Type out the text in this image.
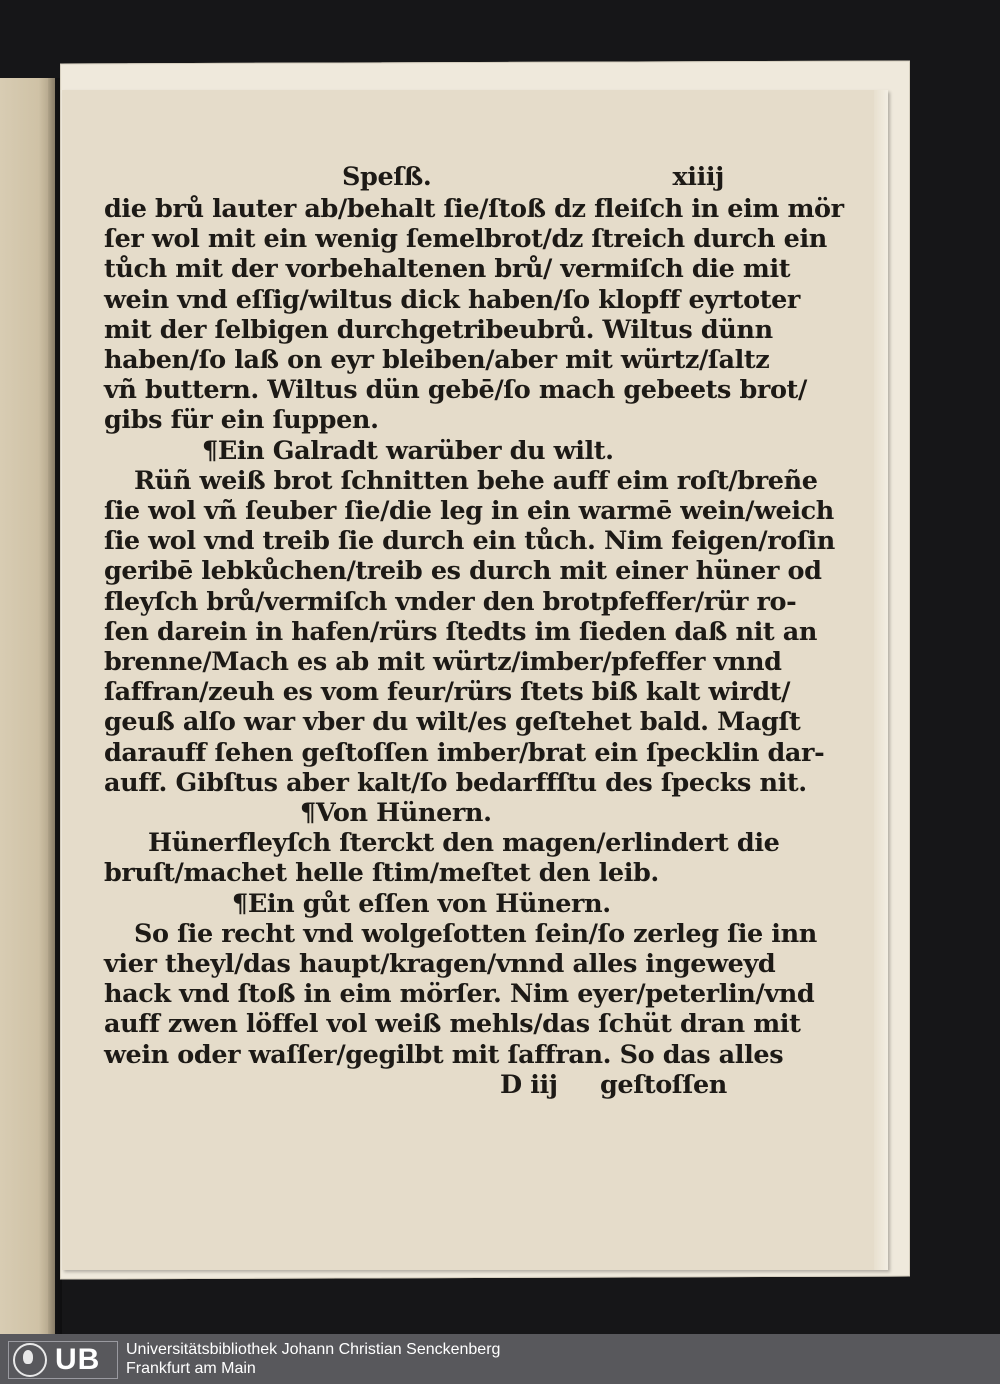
Speſß.	xiiij
die brů lauter ab/behalt ſie/ſtoß dz fleiſch in eim mör
ſer wol mit ein wenig ſemelbrot/dz ſtreich durch ein
tůch mit der vorbehaltenen brů/ vermiſch die mit
wein vnd eſſig/wiltus dick haben/ſo klopff eyrtoter
mit der ſelbigen durchgetribeubrů. Wiltus dünn
haben/ſo laß on eyr bleiben/aber mit würtz/ſaltz
vñ buttern. Wiltus dün gebē/ſo mach gebeets brot/
gibs für ein ſuppen.
¶Ein Galradt warüber du wilt.
Rüñ weiß brot ſchnitten behe auff eim roſt/breñe
ſie wol vñ ſeuber ſie/die leg in ein warmē wein/weich
ſie wol vnd treib ſie durch ein tůch. Nim feigen/roſin
geribē lebkůchen/treib es durch mit einer hüner od
fleyſch brů/vermiſch vnder den brotpfeffer/rür ro-
ſen darein in hafen/rürs ſtedts im ſieden daß nit an
brenne/Mach es ab mit würtz/imber/pfeffer vnnd
ſaffran/zeuh es vom feur/rürs ſtets biß kalt wirdt/
geuß alſo war vber du wilt/es geſtehet bald. Magſt
darauff ſehen geſtoſſen imber/brat ein ſpecklin dar-
auff. Gibſtus aber kalt/ſo bedarffſtu des ſpecks nit.
¶Von Hünern.
Hünerfleyſch ſterckt den magen/erlindert die
bruſt/machet helle ſtim/meſtet den leib.
¶Ein gůt eſſen von Hünern.
So ſie recht vnd wolgeſotten ſein/ſo zerleg ſie inn
vier theyl/das haupt/kragen/vnnd alles ingeweyd
hack vnd ſtoß in eim mörſer. Nim eyer/peterlin/vnd
auff zwen löffel vol weiß mehls/das ſchüt dran mit
wein oder waſſer/gegilbt mit ſaffran. So das alles
D iij geſtoſſen
UB Universitätsbibliothek Johann Christian Senckenberg
Frankfurt am Main
